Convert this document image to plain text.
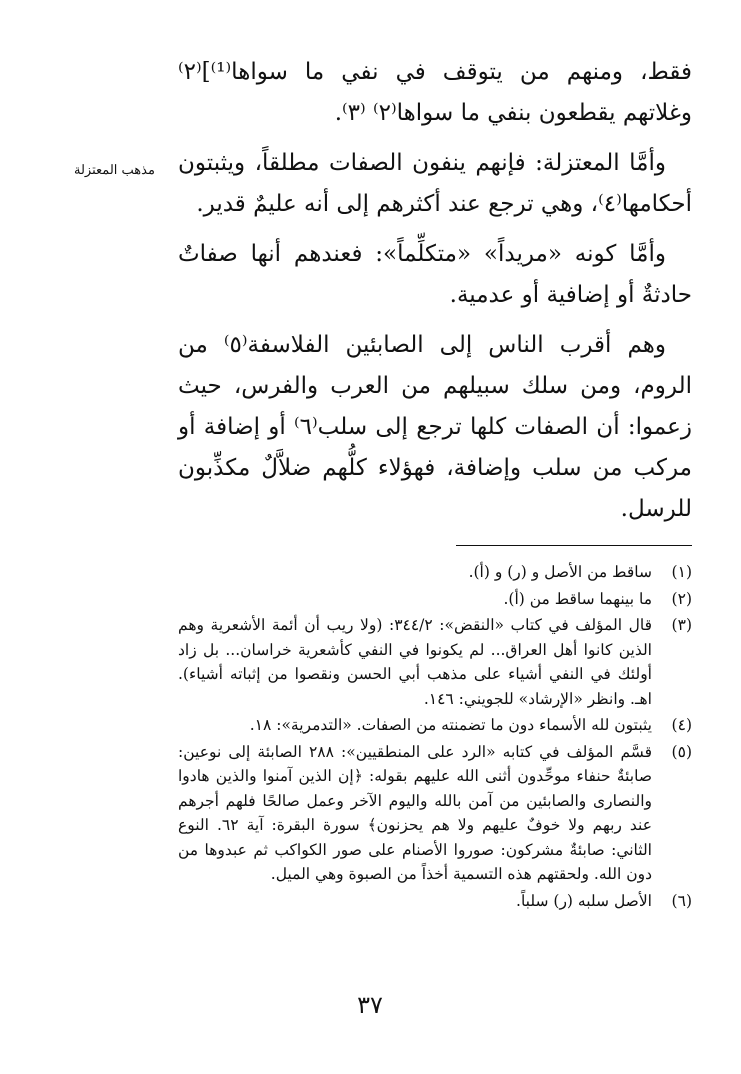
فقط، ومنهم من يتوقف في نفي ما سواها⁽¹⁾]⁽٢⁾ وغلاتهم يقطعون بنفي ما سواها⁽٢⁾ ⁽٣⁾.

وأمَّا المعتزلة: فإنهم ينفون الصفات مطلقاً، ويثبتون أحكامها⁽٤⁾، وهي ترجع عند أكثرهم إلى أنه عليمٌ قدير.

وأمَّا كونه «مريداً» «متكلِّماً»: فعندهم أنها صفاتٌ حادثةٌ أو إضافية أو عدمية.

وهم أقرب الناس إلى الصابئين الفلاسفة⁽٥⁾ من الروم، ومن سلك سبيلهم من العرب والفرس، حيث زعموا: أن الصفات كلها ترجع إلى سلب⁽٦⁾ أو إضافة أو مركب من سلب وإضافة، فهؤلاء كلُّهم ضلاَّلٌ مكذِّبون للرسل.

مذهب المعتزلة
(١)
ساقط من الأصل و (ر) و (أ).
(٢)
ما بينهما ساقط من (أ).
(٣)
قال المؤلف في كتاب «النقض»: ٣٤٤/٢: (ولا ريب أن أئمة الأشعرية وهم الذين كانوا أهل العراق... لم يكونوا في النفي كأشعرية خراسان... بل زاد أولئك في النفي أشياء على مذهب أبي الحسن ونقصوا من إثباته أشياء). اهـ. وانظر «الإرشاد» للجويني: ١٤٦.
(٤)
يثبتون لله الأسماء دون ما تضمنته من الصفات. «التدمرية»: ١٨.
(٥)
قسَّم المؤلف في كتابه «الرد على المنطقيين»: ٢٨٨ الصابئة إلى نوعين: صابئةٌ حنفاء موحِّدون أثنى الله عليهم بقوله: ﴿إن الذين آمنوا والذين هادوا والنصارى والصابئين من آمن بالله واليوم الآخر وعمل صالحًا فلهم أجرهم عند ربهم ولا خوفٌ عليهم ولا هم يحزنون﴾ سورة البقرة: آية ٦٢. النوع الثاني: صابئةٌ مشركون: صوروا الأصنام على صور الكواكب ثم عبدوها من دون الله. ولحقتهم هذه التسمية أخذاً من الصبوة وهي الميل.
(٦)
الأصل سلبه (ر) سلباً.
٣٧
